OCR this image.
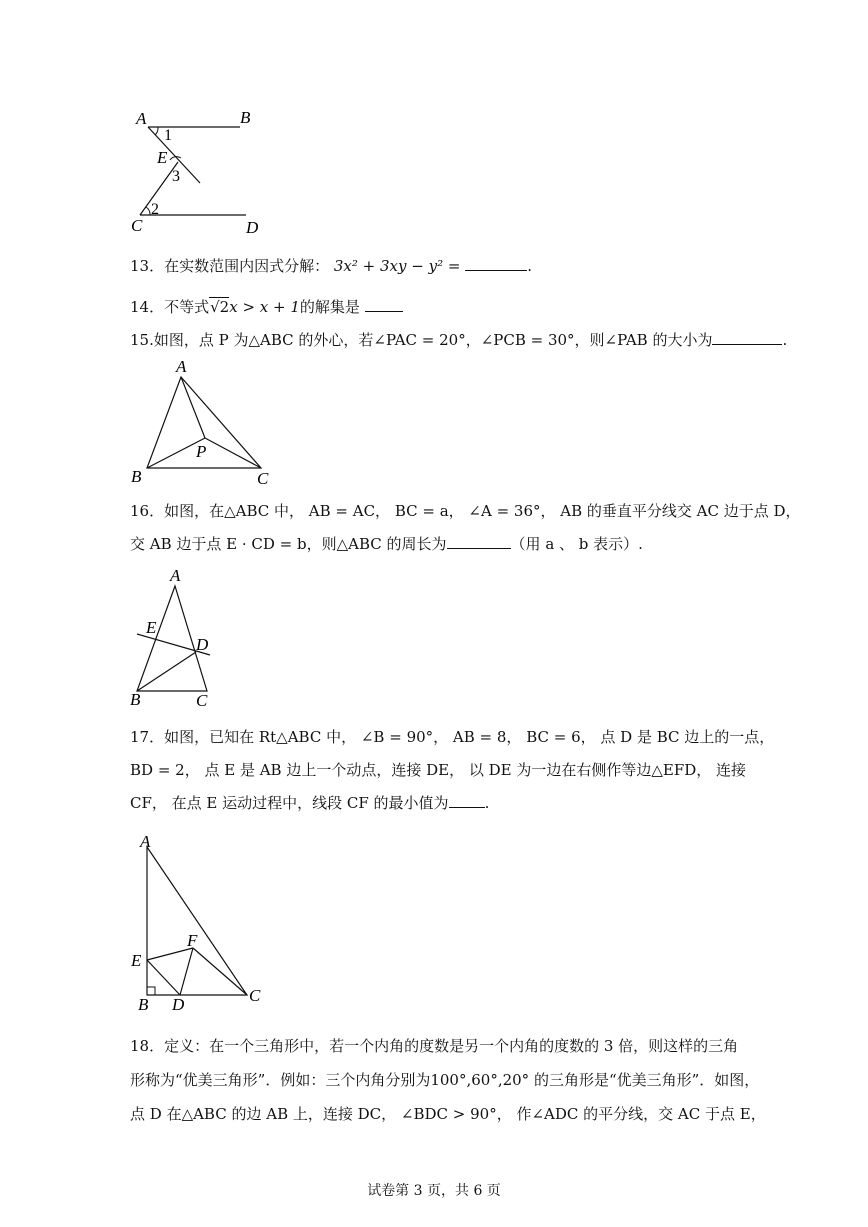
A	B
E
C	D
1
2
3
13．在实数范围内因式分解： 3x² + 3xy − y² =	.
14．不等式√2x > x + 1的解集是
15.如图，点 P 为△ABC 的外心，若∠PAC = 20°，∠PCB = 30°，则∠PAB 的大小为	.
A
B	C
P
16．如图，在△ABC 中， AB = AC， BC = a， ∠A = 36°， AB 的垂直平分线交 AC 边于点 D，
交 AB 边于点 E · CD = b，则△ABC 的周长为	（用 a 、 b 表示）.
A
E
D
B	C
17．如图，已知在 Rt△ABC 中， ∠B = 90°， AB = 8， BC = 6， 点 D 是 BC 边上的一点，
BD = 2， 点 E 是 AB 边上一个动点，连接 DE， 以 DE 为一边在右侧作等边△EFD， 连接
CF， 在点 E 运动过程中，线段 CF 的最小值为 .
A
F
E
B D	C
18．定义：在一个三角形中，若一个内角的度数是另一个内角的度数的 3 倍，则这样的三角
形称为“优美三角形”．例如：三个内角分别为100°,60°,20° 的三角形是“优美三角形”．如图，
点 D 在△ABC 的边 AB 上，连接 DC， ∠BDC > 90°， 作∠ADC 的平分线，交 AC 于点 E，
试卷第 3 页，共 6 页
